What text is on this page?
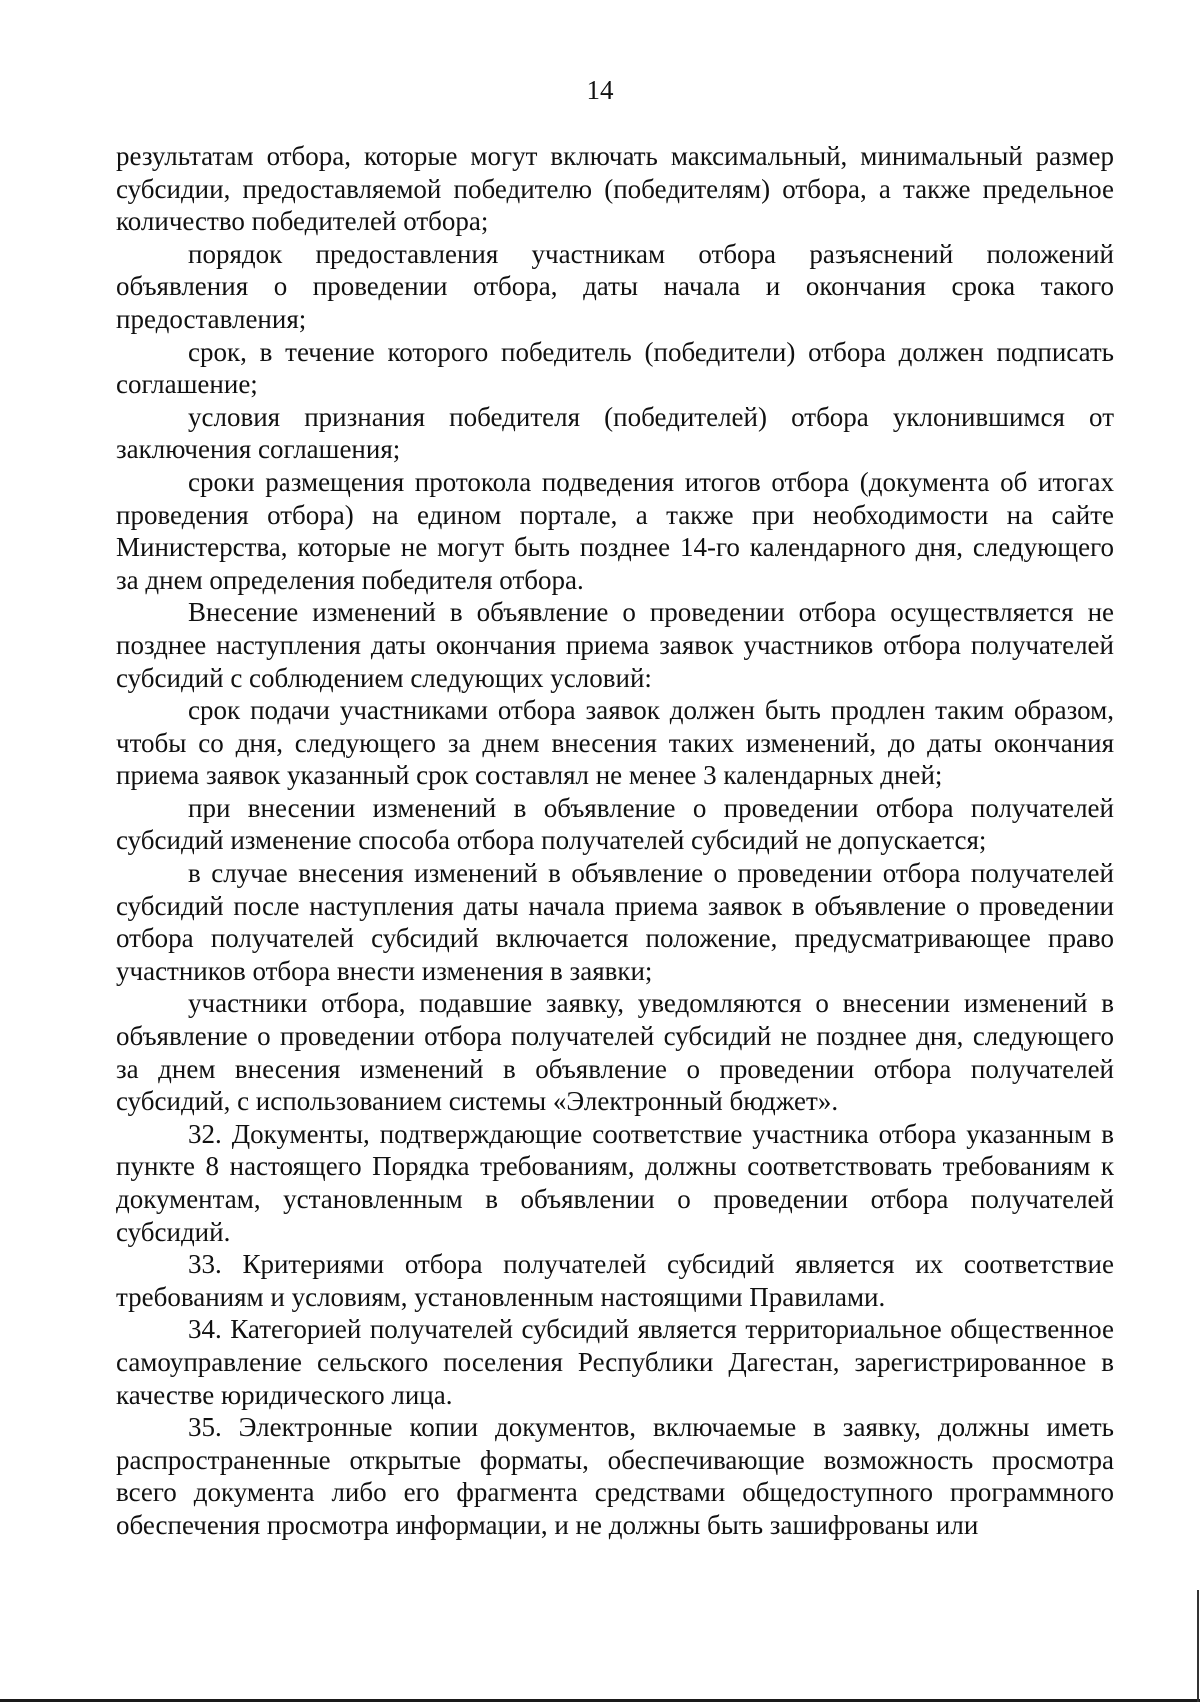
14

результатам отбора, которые могут включать максимальный, минимальный размер субсидии, предоставляемой победителю (победителям) отбора, а также предельное количество победителей отбора;

порядок предоставления участникам отбора разъяснений положений объявления о проведении отбора, даты начала и окончания срока такого предоставления;

срок, в течение которого победитель (победители) отбора должен подписать соглашение;

условия признания победителя (победителей) отбора уклонившимся от заключения соглашения;

сроки размещения протокола подведения итогов отбора (документа об итогах проведения отбора) на едином портале, а также при необходимости на сайте Министерства, которые не могут быть позднее 14-го календарного дня, следующего за днем определения победителя отбора.

Внесение изменений в объявление о проведении отбора осуществляется не позднее наступления даты окончания приема заявок участников отбора получателей субсидий с соблюдением следующих условий:

срок подачи участниками отбора заявок должен быть продлен таким образом, чтобы со дня, следующего за днем внесения таких изменений, до даты окончания приема заявок указанный срок составлял не менее 3 календарных дней;

при внесении изменений в объявление о проведении отбора получателей субсидий изменение способа отбора получателей субсидий не допускается;

в случае внесения изменений в объявление о проведении отбора получателей субсидий после наступления даты начала приема заявок в объявление о проведении отбора получателей субсидий включается положение, предусматривающее право участников отбора внести изменения в заявки;

участники отбора, подавшие заявку, уведомляются о внесении изменений в объявление о проведении отбора получателей субсидий не позднее дня, следующего за днем внесения изменений в объявление о проведении отбора получателей субсидий, с использованием системы «Электронный бюджет».

32. Документы, подтверждающие соответствие участника отбора указанным в пункте 8 настоящего Порядка требованиям, должны соответствовать требованиям к документам, установленным в объявлении о проведении отбора получателей субсидий.

33. Критериями отбора получателей субсидий является их соответствие требованиям и условиям, установленным настоящими Правилами.

34. Категорией получателей субсидий является территориальное общественное самоуправление сельского поселения Республики Дагестан, зарегистрированное в качестве юридического лица.

35. Электронные копии документов, включаемые в заявку, должны иметь распространенные открытые форматы, обеспечивающие возможность просмотра всего документа либо его фрагмента средствами общедоступного программного обеспечения просмотра информации, и не должны быть зашифрованы или
